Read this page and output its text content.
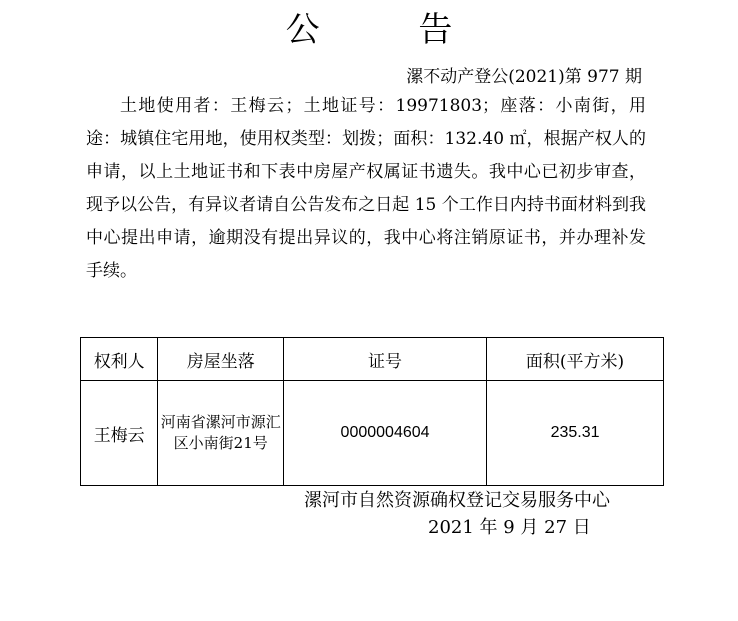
公 告
漯不动产登公(2021)第 977 期

土地使用者：王梅云；土地证号：19971803；座落：小南街，用途：城镇住宅用地，使用权类型：划拨；面积：132.40 ㎡，根据产权人的申请，以上土地证书和下表中房屋产权属证书遗失。我中心已初步审查，现予以公告，有异议者请自公告发布之日起 15 个工作日内持书面材料到我中心提出申请，逾期没有提出异议的，我中心将注销原证书，并办理补发手续。

权利人	房屋坐落	证号	面积(平方米)
王梅云	河南省漯河市源汇区小南街21号	0000004604	235.31
漯河市自然资源确权登记交易服务中心
2021 年 9 月 27 日
